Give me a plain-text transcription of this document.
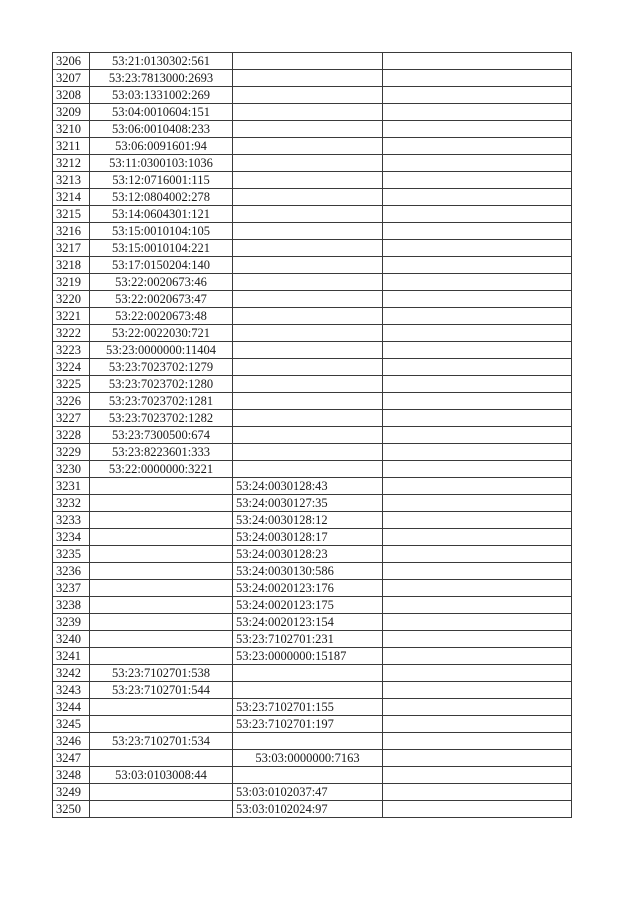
3206	53:21:0130302:561		
3207	53:23:7813000:2693		
3208	53:03:1331002:269		
3209	53:04:0010604:151		
3210	53:06:0010408:233		
3211	53:06:0091601:94		
3212	53:11:0300103:1036		
3213	53:12:0716001:115		
3214	53:12:0804002:278		
3215	53:14:0604301:121		
3216	53:15:0010104:105		
3217	53:15:0010104:221		
3218	53:17:0150204:140		
3219	53:22:0020673:46		
3220	53:22:0020673:47		
3221	53:22:0020673:48		
3222	53:22:0022030:721		
3223	53:23:0000000:11404		
3224	53:23:7023702:1279		
3225	53:23:7023702:1280		
3226	53:23:7023702:1281		
3227	53:23:7023702:1282		
3228	53:23:7300500:674		
3229	53:23:8223601:333		
3230	53:22:0000000:3221		
3231		53:24:0030128:43	
3232		53:24:0030127:35	
3233		53:24:0030128:12	
3234		53:24:0030128:17	
3235		53:24:0030128:23	
3236		53:24:0030130:586	
3237		53:24:0020123:176	
3238		53:24:0020123:175	
3239		53:24:0020123:154	
3240		53:23:7102701:231	
3241		53:23:0000000:15187	
3242	53:23:7102701:538		
3243	53:23:7102701:544		
3244		53:23:7102701:155	
3245		53:23:7102701:197	
3246	53:23:7102701:534		
3247		53:03:0000000:7163	
3248	53:03:0103008:44		
3249		53:03:0102037:47	
3250		53:03:0102024:97	
